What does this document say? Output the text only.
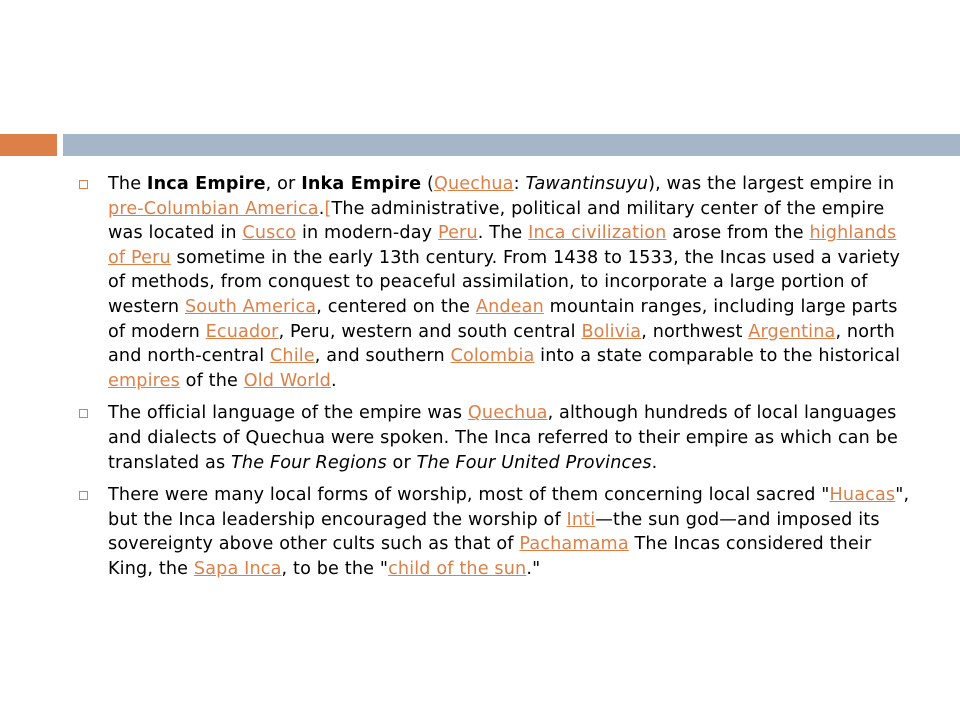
The Inca Empire, or Inka Empire (Quechua: Tawantinsuyu), was the largest empire in pre-Columbian America.[The administrative, political and military center of the empire was located in Cusco in modern-day Peru. The Inca civilization arose from the highlands of Peru sometime in the early 13th century. From 1438 to 1533, the Incas used a variety of methods, from conquest to peaceful assimilation, to incorporate a large portion of western South America, centered on the Andean mountain ranges, including large parts of modern Ecuador, Peru, western and south central Bolivia, northwest Argentina, north and north-central Chile, and southern Colombia into a state comparable to the historical empires of the Old World.
The official language of the empire was Quechua, although hundreds of local languages and dialects of Quechua were spoken. The Inca referred to their empire as which can be translated as The Four Regions or The Four United Provinces.
There were many local forms of worship, most of them concerning local sacred "Huacas", but the Inca leadership encouraged the worship of Inti—the sun god—and imposed its sovereignty above other cults such as that of Pachamama The Incas considered their King, the Sapa Inca, to be the "child of the sun."
